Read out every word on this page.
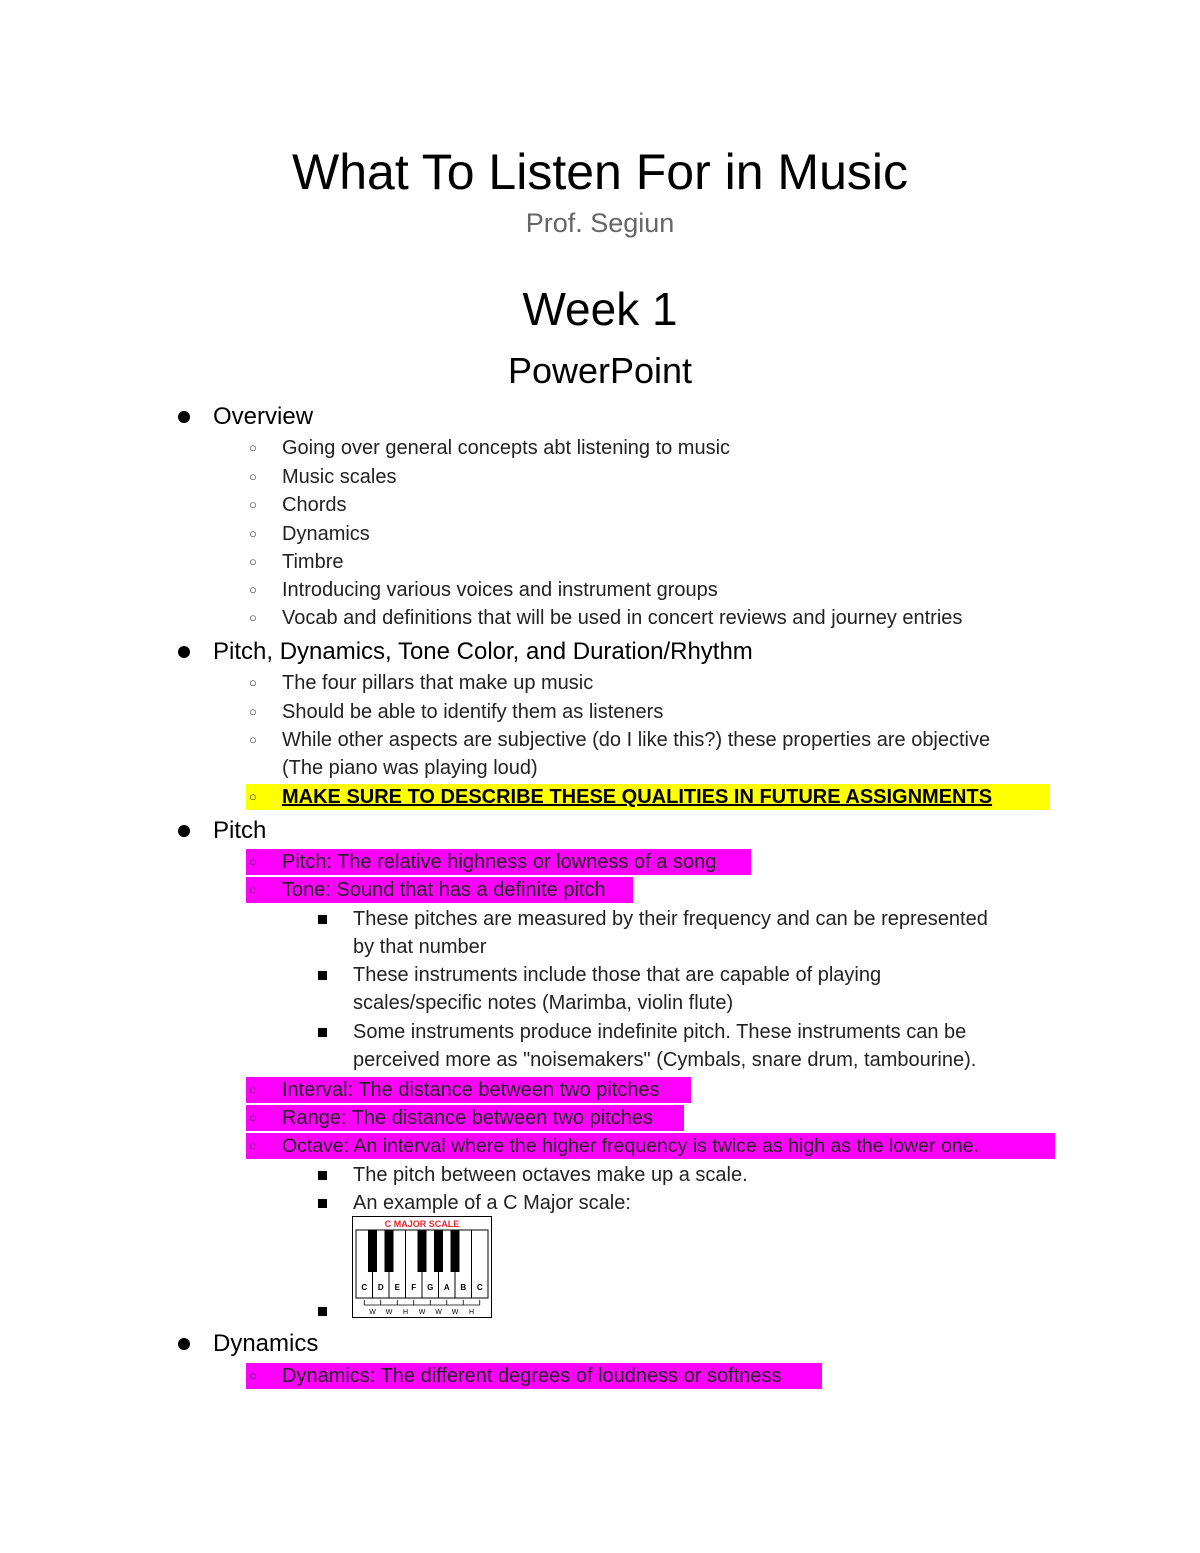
What To Listen For in Music
Prof. Segiun
Week 1
PowerPoint
Overview
○ Going over general concepts abt listening to music
○ Music scales
○ Chords
○ Dynamics
○ Timbre
○ Introducing various voices and instrument groups
○ Vocab and definitions that will be used in concert reviews and journey entries
Pitch, Dynamics, Tone Color, and Duration/Rhythm
○ The four pillars that make up music
○ Should be able to identify them as listeners
○ While other aspects are subjective (do I like this?) these properties are objective
(The piano was playing loud)
○ MAKE SURE TO DESCRIBE THESE QUALITIES IN FUTURE ASSIGNMENTS
Pitch
○ Pitch: The relative highness or lowness of a song
○ Tone: Sound that has a definite pitch
These pitches are measured by their frequency and can be represented
by that number
These instruments include those that are capable of playing
scales/specific notes (Marimba, violin flute)
Some instruments produce indefinite pitch. These instruments can be
perceived more as "noisemakers" (Cymbals, snare drum, tambourine).
○ Interval: The distance between two pitches
○ Range: The distance between two pitches
○ Octave: An interval where the higher frequency is twice as high as the lower one.
The pitch between octaves make up a scale.
An example of a C Major scale:
C MAJOR SCALE
C D E F G A B C
W W H W W W H
Dynamics
○ Dynamics: The different degrees of loudness or softness
